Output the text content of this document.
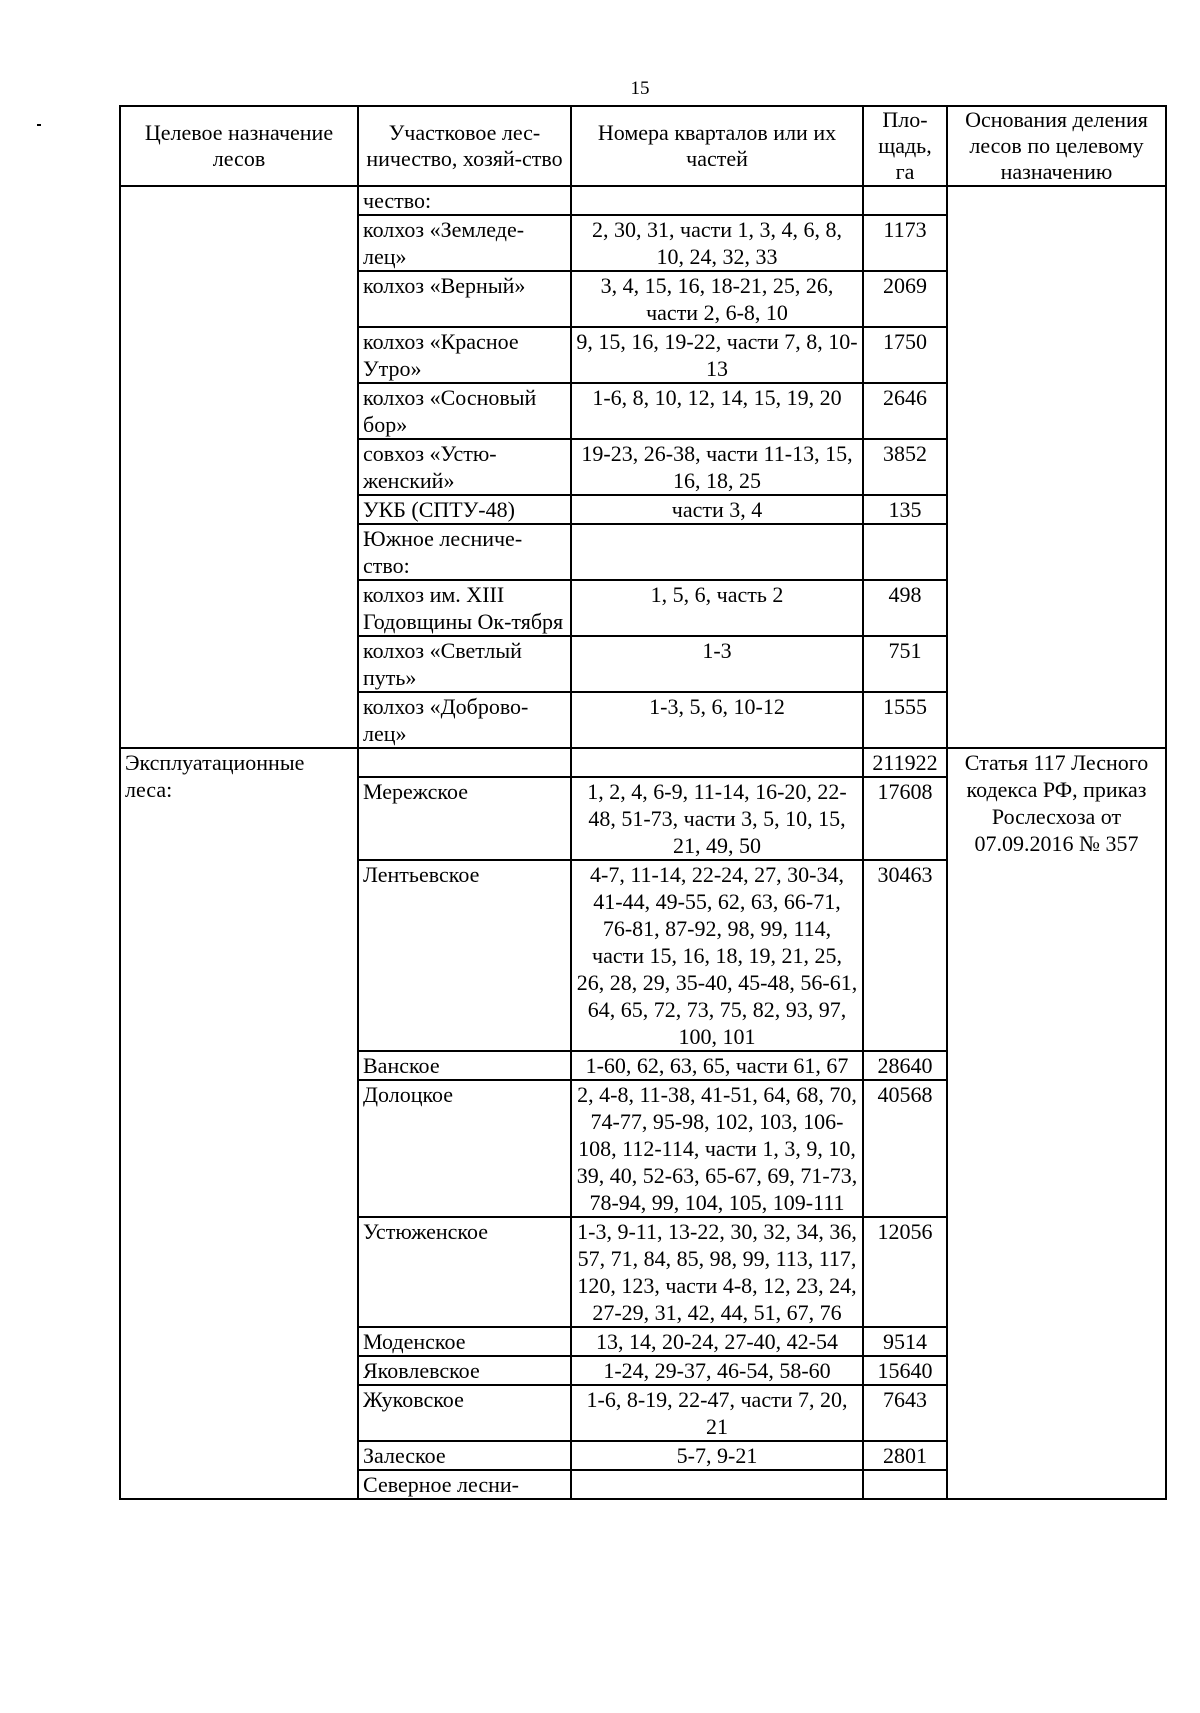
15
Целевое назначение лесов	Участковое лес-ничество, хозяй-ство	Номера кварталов или их частей	Пло-щадь, га	Основания деления лесов по целевому назначению
	чество:			
	колхоз «Земледе-лец»	2, 30, 31, части 1, 3, 4, 6, 8, 10, 24, 32, 33	1173	
	колхоз «Верный»	3, 4, 15, 16, 18-21, 25, 26, части 2, 6-8, 10	2069	
	колхоз «Красное Утро»	9, 15, 16, 19-22, части 7, 8, 10-13	1750	
	колхоз «Сосновый бор»	1-6, 8, 10, 12, 14, 15, 19, 20	2646	
	совхоз «Устю-женский»	19-23, 26-38, части 11-13, 15, 16, 18, 25	3852	
	УКБ (СПТУ-48)	части 3, 4	135	
	Южное лесниче-ство:			
	колхоз им. XIII Годовщины Ок-тября	1, 5, 6, часть 2	498	
	колхоз «Светлый путь»	1-3	751	
	колхоз «Доброво-лец»	1-3, 5, 6, 10-12	1555	
Эксплуатационные леса:			211922	Статья 117 Лесного кодекса РФ, приказ Рослесхоза от 07.09.2016 № 357
	Мережское	1, 2, 4, 6-9, 11-14, 16-20, 22-48, 51-73, части 3, 5, 10, 15, 21, 49, 50	17608	
	Лентьевское	4-7, 11-14, 22-24, 27, 30-34, 41-44, 49-55, 62, 63, 66-71, 76-81, 87-92, 98, 99, 114, части 15, 16, 18, 19, 21, 25, 26, 28, 29, 35-40, 45-48, 56-61, 64, 65, 72, 73, 75, 82, 93, 97, 100, 101	30463	
	Ванское	1-60, 62, 63, 65, части 61, 67	28640	
	Долоцкое	2, 4-8, 11-38, 41-51, 64, 68, 70, 74-77, 95-98, 102, 103, 106-108, 112-114, части 1, 3, 9, 10, 39, 40, 52-63, 65-67, 69, 71-73, 78-94, 99, 104, 105, 109-111	40568	
	Устюженское	1-3, 9-11, 13-22, 30, 32, 34, 36, 57, 71, 84, 85, 98, 99, 113, 117, 120, 123, части 4-8, 12, 23, 24, 27-29, 31, 42, 44, 51, 67, 76	12056	
	Моденское	13, 14, 20-24, 27-40, 42-54	9514	
	Яковлевское	1-24, 29-37, 46-54, 58-60	15640	
	Жуковское	1-6, 8-19, 22-47, части 7, 20, 21	7643	
	Залеское	5-7, 9-21	2801	
	Северное лесни-			
